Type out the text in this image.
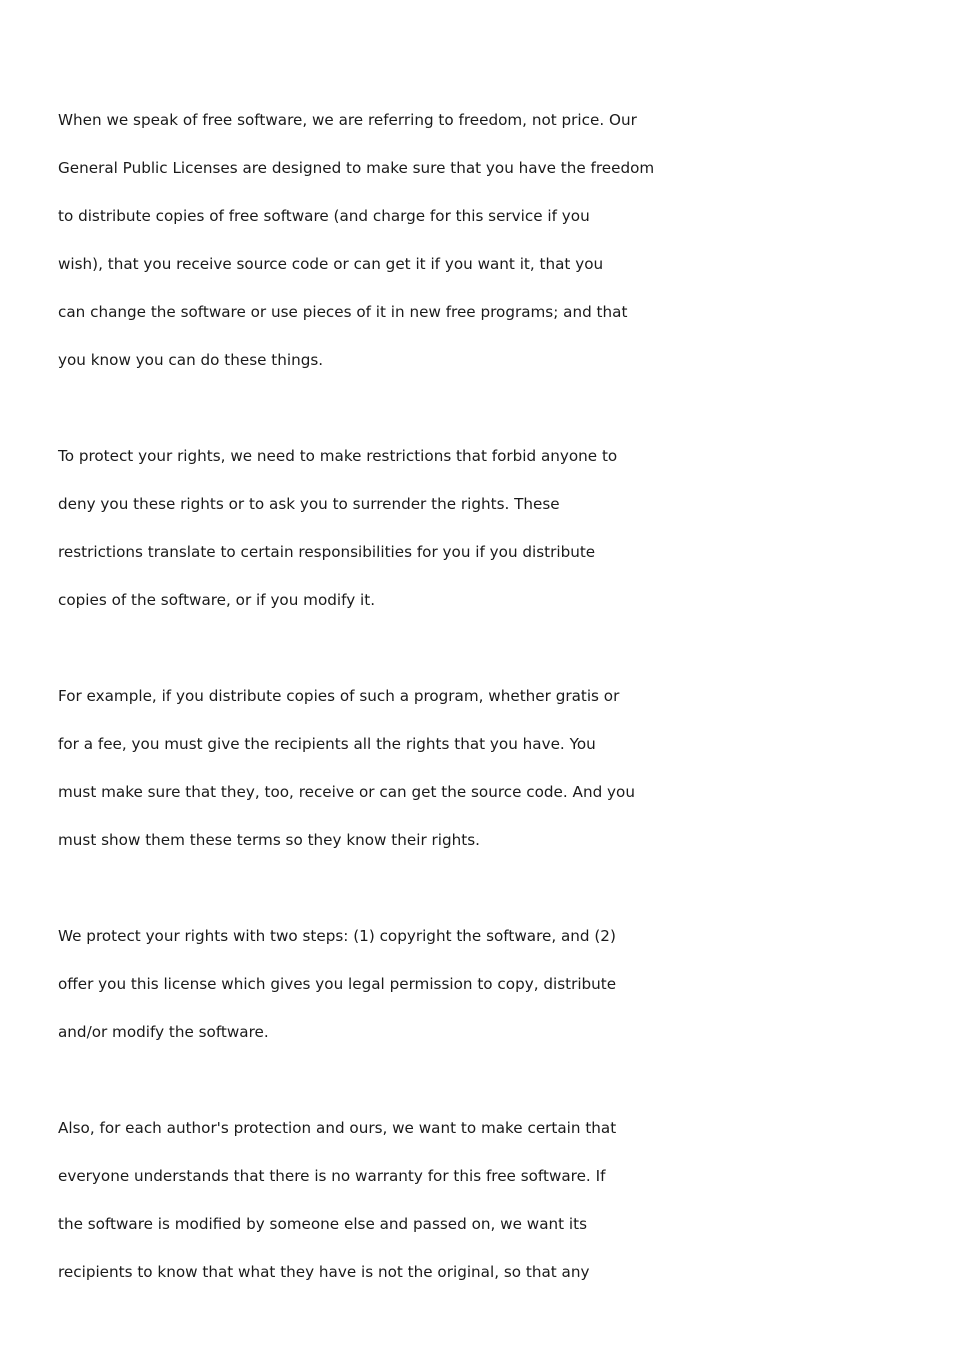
When we speak of free software, we are referring to freedom, not price. Our
General Public Licenses are designed to make sure that you have the freedom
to distribute copies of free software (and charge for this service if you
wish), that you receive source code or can get it if you want it, that you
can change the software or use pieces of it in new free programs; and that
you know you can do these things.
To protect your rights, we need to make restrictions that forbid anyone to
deny you these rights or to ask you to surrender the rights. These
restrictions translate to certain responsibilities for you if you distribute
copies of the software, or if you modify it.
For example, if you distribute copies of such a program, whether gratis or
for a fee, you must give the recipients all the rights that you have. You
must make sure that they, too, receive or can get the source code. And you
must show them these terms so they know their rights.
We protect your rights with two steps: (1) copyright the software, and (2)
offer you this license which gives you legal permission to copy, distribute
and/or modify the software.
Also, for each author's protection and ours, we want to make certain that
everyone understands that there is no warranty for this free software. If
the software is modified by someone else and passed on, we want its
recipients to know that what they have is not the original, so that any
